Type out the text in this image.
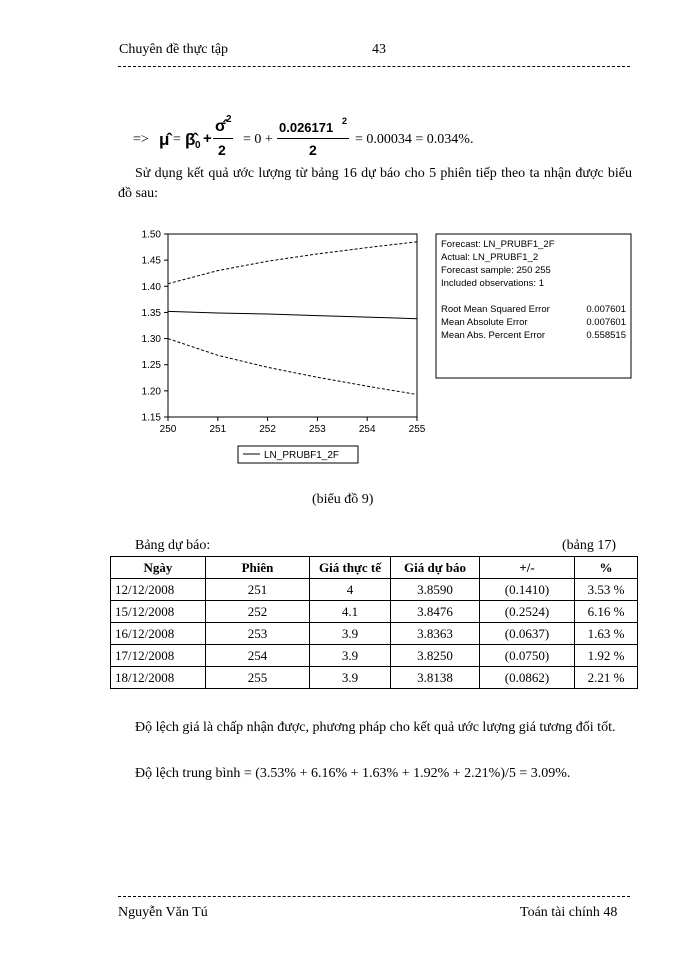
Chuyên đề thực tập	43
=> μ̂ = β̂ 0 +
σ̂ 2
2
= 0 +
0.026171 2
2
= 0.00034 = 0.034%.
Sử dụng kết quả ước lượng từ bảng 16 dự báo cho 5 phiên tiếp theo ta nhận được biểu đồ sau:
1.15
1.20
1.25
1.30
1.35
1.40
1.45
1.50
250	251	252	253	254	255
LN_PRUBF1_2F
Forecast: LN_PRUBF1_2F
Actual: LN_PRUBF1_2
Forecast sample: 250 255
Included observations: 1
Root Mean Squared Error	0.007601
Mean Absolute Error	0.007601
Mean Abs. Percent Error	0.558515
(biểu đồ 9)
Bảng dự báo:	(bảng 17)
Ngày	Phiên	Giá thực tế	Giá dự báo	+/-	%
12/12/2008	251	4	3.8590	(0.1410)	3.53 %
15/12/2008	252	4.1	3.8476	(0.2524)	6.16 %
16/12/2008	253	3.9	3.8363	(0.0637)	1.63 %
17/12/2008	254	3.9	3.8250	(0.0750)	1.92 %
18/12/2008	255	3.9	3.8138	(0.0862)	2.21 %
Độ lệch giá là chấp nhận được, phương pháp cho kết quả ước lượng giá tương đối tốt.
Độ lệch trung bình = (3.53% + 6.16% + 1.63% + 1.92% + 2.21%)/5 = 3.09%.
Nguyễn Văn Tú	Toán tài chính 48
